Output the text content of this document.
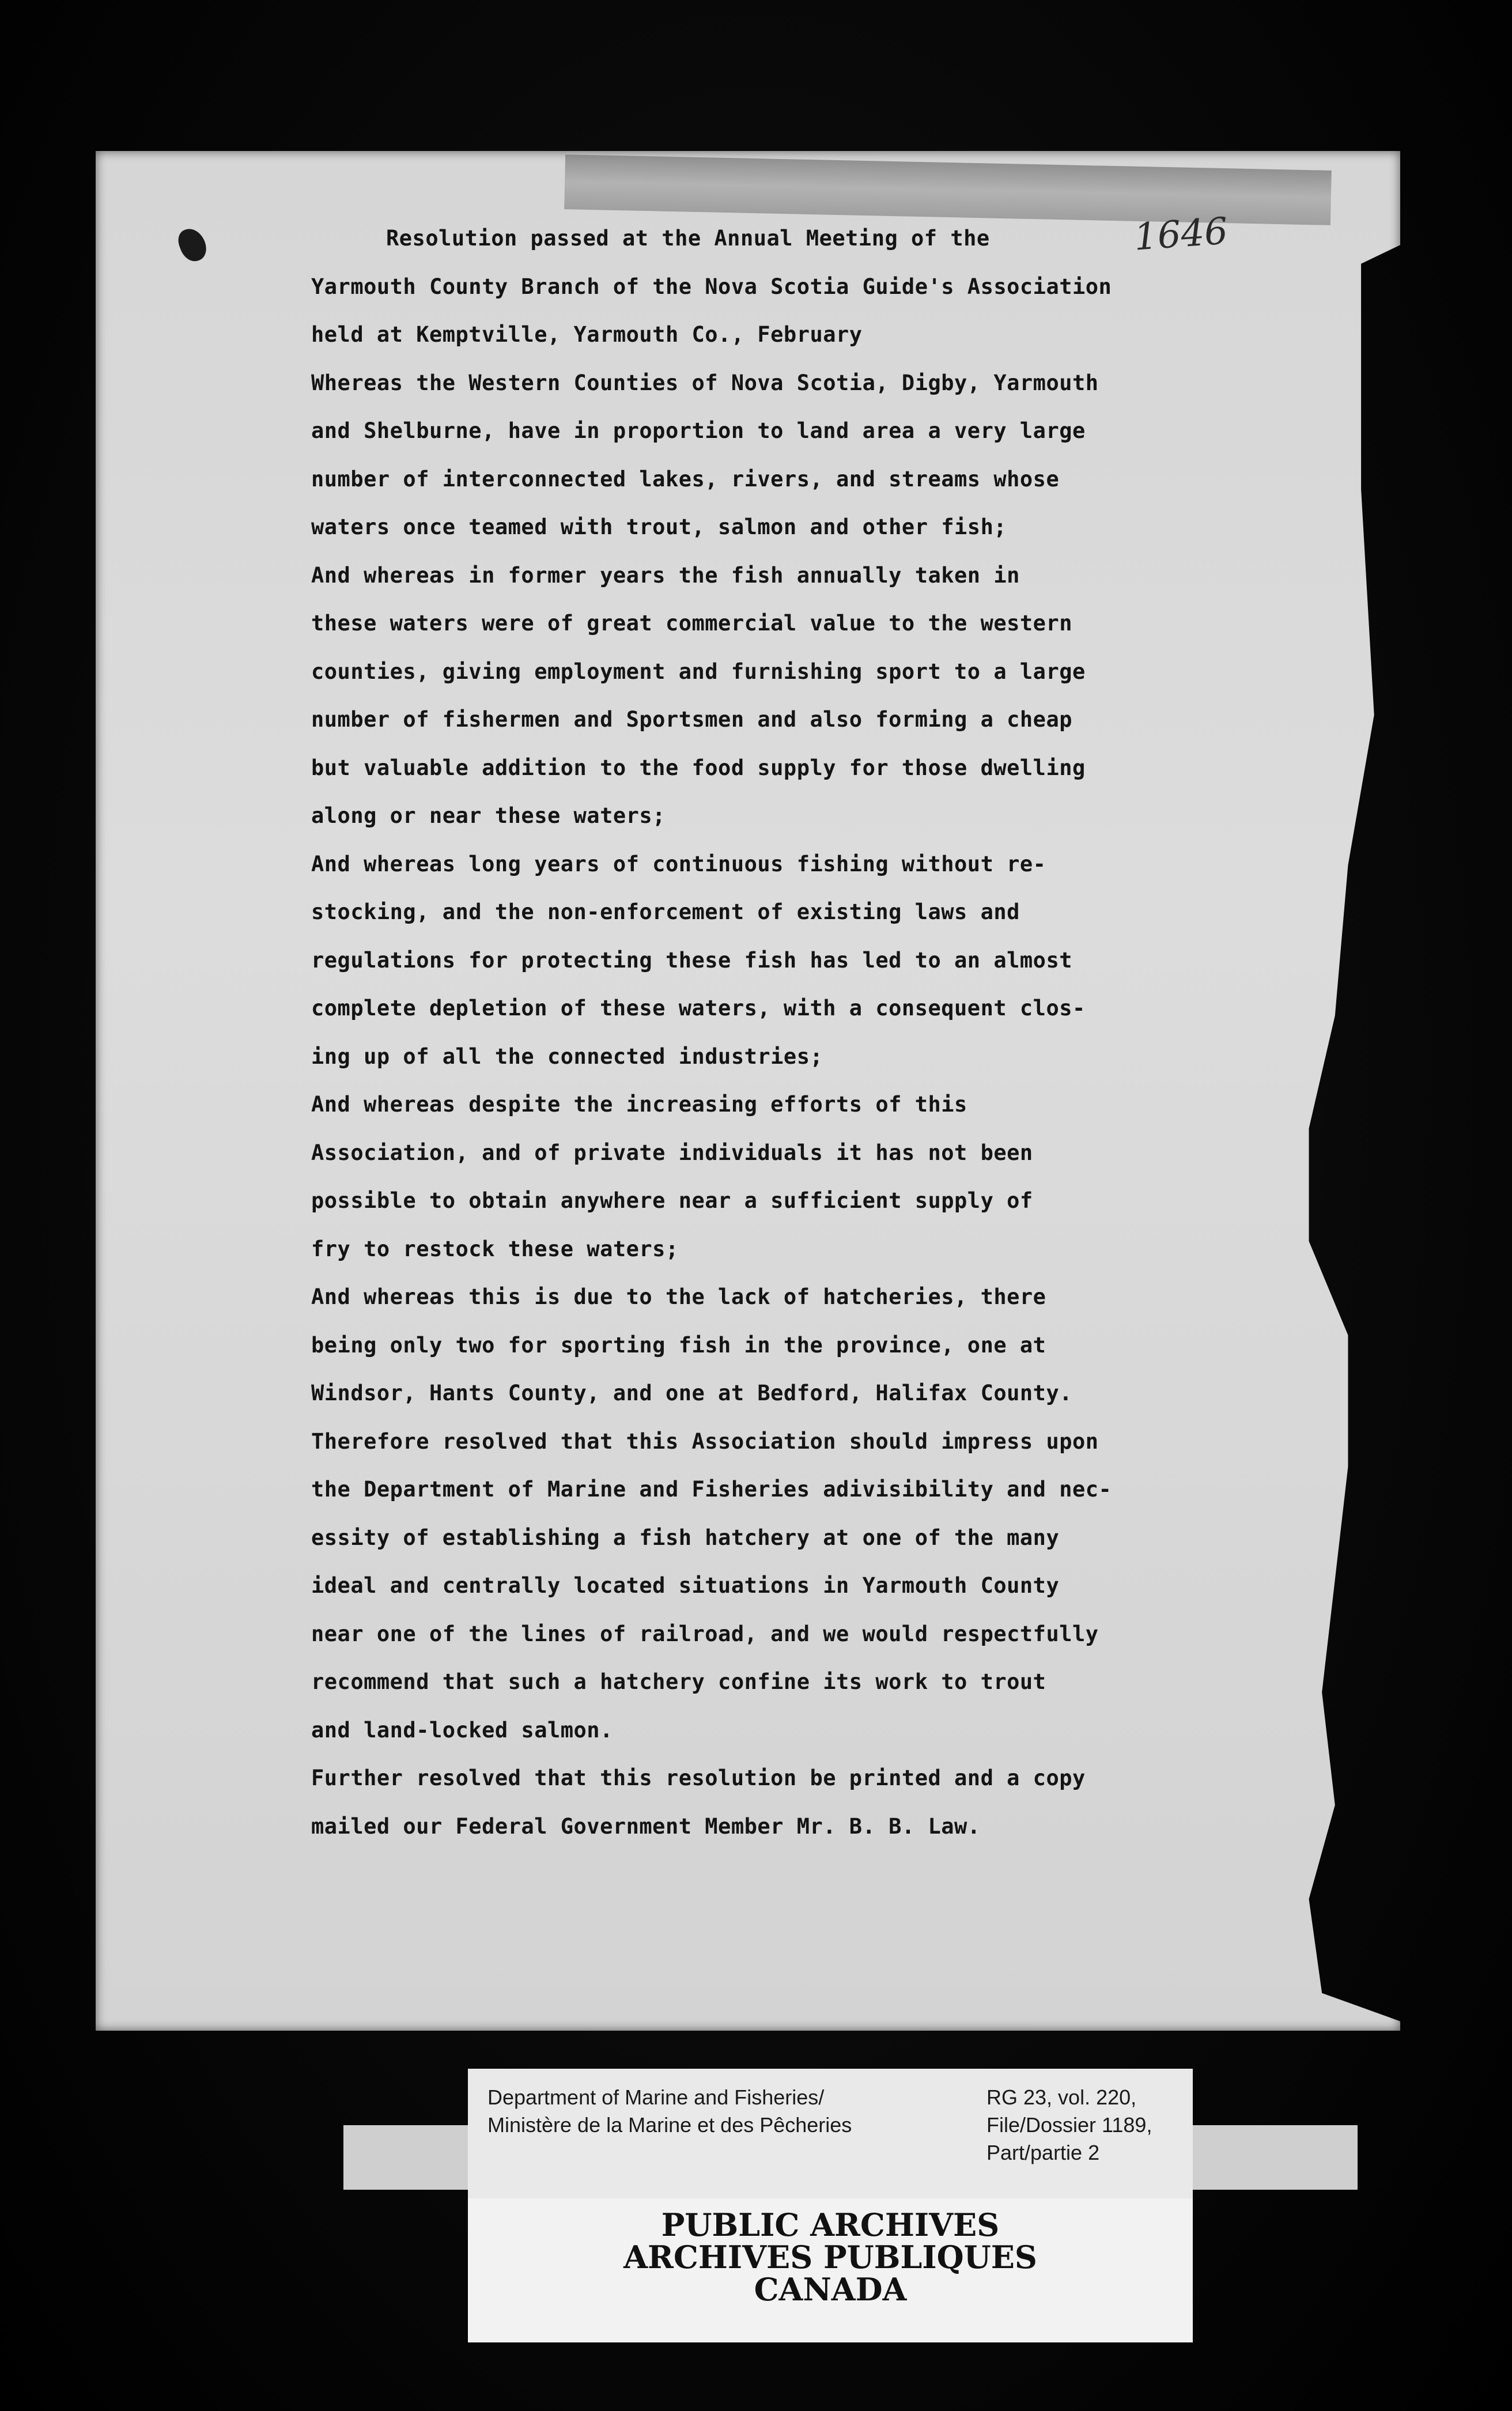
1646
Resolution passed at the Annual Meeting of the
Yarmouth County Branch of the Nova Scotia Guide's Association
held at Kemptville, Yarmouth Co., February
Whereas the Western Counties of Nova Scotia, Digby, Yarmouth
and Shelburne, have in proportion to land area a very large
number of interconnected lakes, rivers, and streams whose
waters once teamed with trout, salmon and other fish;
And whereas in former years the fish annually taken in
these waters were of great commercial value to the western
counties, giving employment and furnishing sport to a large
number of fishermen and Sportsmen and also forming a cheap
but valuable addition to the food supply for those dwelling
along or near these waters;
And whereas long years of continuous fishing without re-
stocking, and the non-enforcement of existing laws and
regulations for protecting these fish has led to an almost
complete depletion of these waters, with a consequent clos-
ing up of all the connected industries;
And whereas despite the increasing efforts of this
Association, and of private individuals it has not been
possible to obtain anywhere near a sufficient supply of
fry to restock these waters;
And whereas this is due to the lack of hatcheries, there
being only two for sporting fish in the province, one at
Windsor, Hants County, and one at Bedford, Halifax County.
Therefore resolved that this Association should impress upon
the Department of Marine and Fisheries adivisibility and nec-
essity of establishing a fish hatchery at one of the many
ideal and centrally located situations in Yarmouth County
near one of the lines of railroad, and we would respectfully
recommend that such a hatchery confine its work to trout
and land-locked salmon.
Further resolved that this resolution be printed and a copy
mailed our Federal Government Member Mr. B. B. Law.
Department of Marine and Fisheries/
Ministère de la Marine et des Pêcheries
RG 23, vol. 220,
File/Dossier 1189,
Part/partie 2
PUBLIC ARCHIVES
ARCHIVES PUBLIQUES
CANADA
